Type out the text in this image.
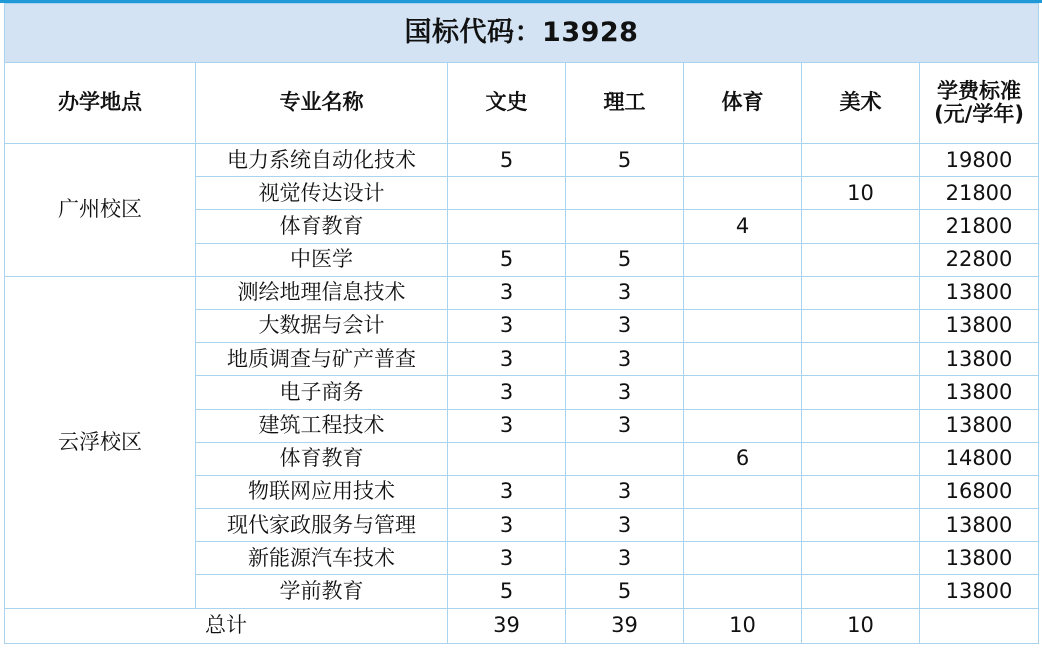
国标代码：13928						
办学地点	专业名称	文史	理工	体育	美术	学费标准
(元/学年)

广州校区	电力系统自动化技术	5	5			19800
	视觉传达设计				10	21800
	体育教育			4		21800
	中医学	5	5			22800
云浮校区	测绘地理信息技术	3	3			13800
	大数据与会计	3	3			13800
	地质调查与矿产普查	3	3			13800
	电子商务	3	3			13800
	建筑工程技术	3	3			13800
	体育教育			6		14800
	物联网应用技术	3	3			16800
	现代家政服务与管理	3	3			13800
	新能源汽车技术	3	3			13800
	学前教育	5	5			13800
总计		39	39	10	10	
